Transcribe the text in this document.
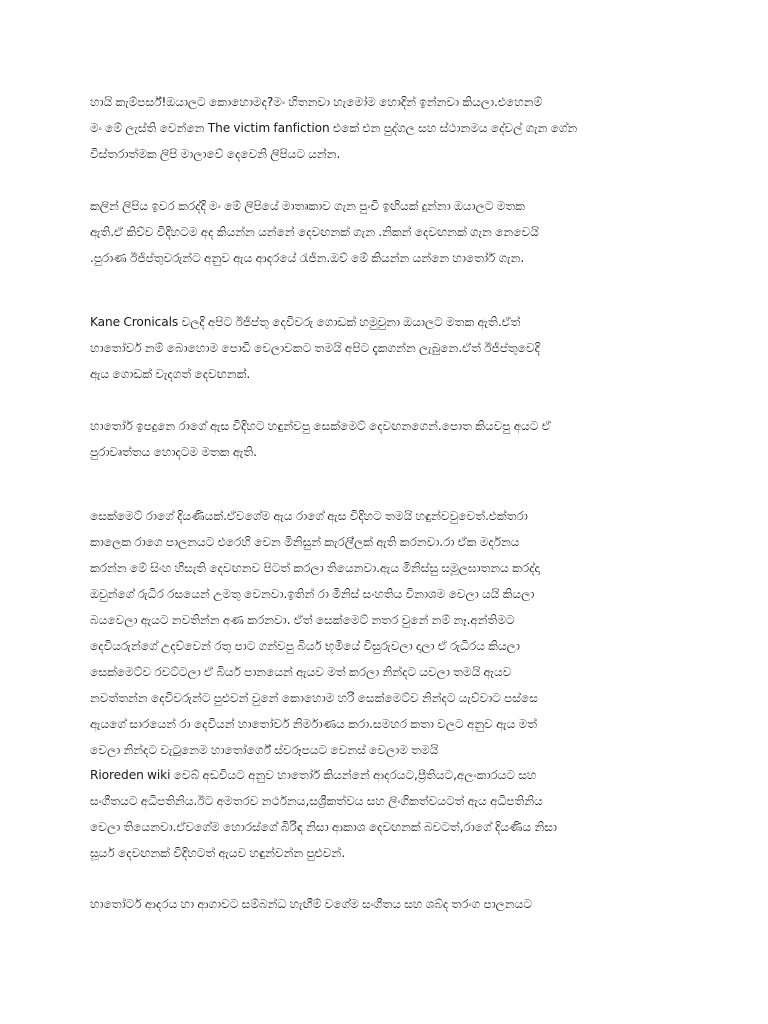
හායි කැම්පර්ස්!ඔයාලට කොහොමද?මං හිතනවා හැමෝම හොදින් ඉන්නවා කියලා.එහෙනම්
මං මේ ලැස්ති වෙන්නෙ The victim fanfiction එකේ එන පුද්ගල සහ ස්ථානමය දේවල් ගැන ගේන
විස්තරාත්මක ලිපි මාලාවේ දෙවෙනි ලිපියට යන්න.
කලින් ලිපිය ඉවර කරද්දි මං මේ ලිපියේ මාතෘකාව ගැන පුංචි ඉඟියක් දුන්නා ඔයාලට මතක
ඇති.ඒ කිව්ව විදිහටම අද කියන්න යන්නේ දෙවඟනක් ගැන .නිකන් දෙවඟනක් ගැන නෙවෙයි
.පුරාණ ඊජිප්තුවරුන්ට අනුව ඇය ආදරයේ රැජින.ඔව් මේ කියන්න යන්නෙ හාතෝර් ගැන.
Kane Cronicals වලදි අපිට ඊජිප්තු දෙවිවරු ගොඩක් හමුවුනා ඔයාලට මතක ඇති.ඒත්
හාතෝර්ව නම් බොහොම පොඩි වෙලාවකට තමයි අපිට දැකගන්න ලැබුනෙ.ඒත් ඊජිප්තුවෙදි
ඇය ගොඩක් වැදගත් දෙවඟනක්.
හාතෝර් ඉපදුනෙ රාගේ ඇස විදිහට හඳුන්වපු සෙක්මෙට් දෙවඟනගෙන්.පොත කියවපු අයට ඒ
පුරාවෘත්තය හොදටම මතක ඇති.
සෙක්මෙට් රාගේ දියණියක්.ඒවගේම ඇය රාගේ ඇස විදිහට තමයි හඳුන්වවුවෙත්.එක්තරා
කාලෙක රාගෙ පාලනයට එරෙහි වෙන මිනිසුන් කැරලි්ලක් ඇති කරනවා.රා ඒක මර්දනය
කරන්න මේ සිංහ හිසැති දෙවඟනව පිටත් කරලා තියෙනවා.ඇය මිනිස්සු සමූලඝාතනය කරද්දා
ඔවුන්ගේ රුධිර රසයෙන් උමතු වෙනවා.ඉතින් රා මිනිස් සංහතිය විනාශම වෙලා යයි කියලා
බයවෙලා ඇයට නවතින්න අණ කරනවා. ඒත් සෙක්මෙට් නතර වුනේ නම් නෑ.අන්තිමට
දෙවියරුන්ගේ උදව්වෙන් රතු පාට ගන්වපු බියර් භූමියේ විසුරුවලා දාලා ඒ රුධිරය කියලා
සෙක්මෙට්ව රවට්ටලා ඒ බියර් පානයෙන් ඇයව මත් කරලා නින්දට යවලා තමයි ඇයව
නවත්තන්න දෙවිවරුන්ට පුළුවන් වුනේ කොහොම හරි සෙක්මෙට්ව නින්දට යැව්වාට පස්සෙ
ඇයගේ සාරයෙන් රා දෙවියන් හාතෝර්ව නිර්මාණය කරා.සමහර කතා වලට අනුව ඇය මත්
වෙලා නින්දට වැටුනෙම හාතෝර්ගේ ස්වරූපයට වෙනස් වෙලාම තමයි
Rioreden wiki වෙබ් අඩවියට අනුව හාතෝර් කියන්නේ ආදරයට,ප්‍රීතියට,අලංකාරයට සහ
සංගීතයට අධිපතිනිය.ඊට අමතරව නර්ථනය,සශ්‍රීකත්වය සහ ලිංගිකත්වයටත් ඇය අධිපතිනිය
වෙලා තියෙනවා.ඒවගේම හොරස්ගේ බිරිඳ නිසා ආකාශ දෙවඟනක් බවටත්,රාගේ දියණිය නිසා
සූර්ය දෙවඟනක් විදිහටත් ඇයව හඳුන්වන්න පුළුවන්.
හාතෝර්ට ආදරය හා ආගාවට සම්බන්ධ හැඟීම් වගේම සංගීතය සහ ශබ්ද තරංග පාලනයට
